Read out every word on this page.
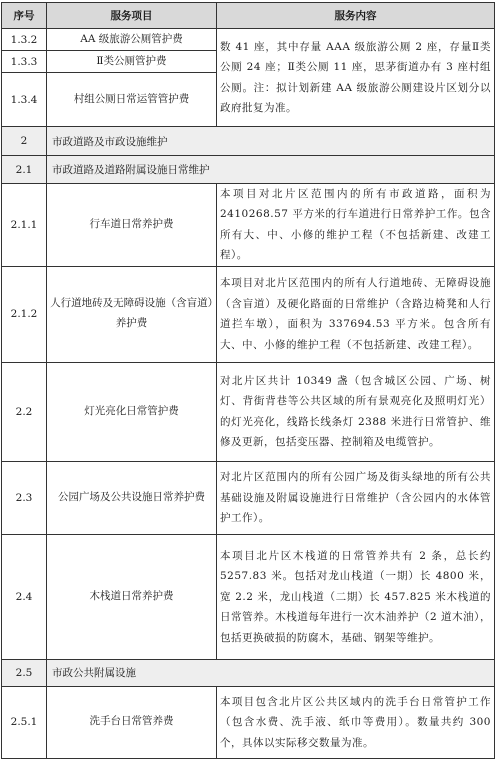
序号	服务项目	服务内容
1.3.2	AA 级旅游公厕管护费	数 41 座，其中存量 AAA 级旅游公厕 2 座，存量Ⅱ类公厕 24 座；Ⅱ类公厕 11 座，思茅街道办有 3 座村组公厕。注：拟计划新建 AA 级旅游公厕建设片区划分以政府批复为准。
1.3.3	Ⅱ类公厕管护费	
1.3.4	村组公厕日常运管管护费	
2	市政道路及市政设施维护	
2.1	市政道路及道路附属设施日常维护	
2.1.1	行车道日常养护费	本项目对北片区范围内的所有市政道路，面积为 2410268.57 平方米的行车道进行日常养护工作。包含所有大、中、小修的维护工程（不包括新建、改建工程）。
2.1.2	人行道地砖及无障碍设施（含盲道）养护费	本项目对北片区范围内的所有人行道地砖、无障碍设施（含盲道）及硬化路面的日常维护（含路边椅凳和人行道拦车墩），面积为 337694.53 平方米。包含所有大、中、小修的维护工程（不包括新建、改建工程）。
2.2	灯光亮化日常管护费	对北片区共计 10349 盏（包含城区公园、广场、树灯、背街背巷等公共区域的所有景观亮化及照明灯光）的灯光亮化，线路长线条灯 2388 米进行日常管护、维修及更新，包括变压器、控制箱及电缆管护。
2.3	公园广场及公共设施日常养护费	对北片区范围内的所有公园广场及街头绿地的所有公共基础设施及附属设施进行日常维护（含公园内的水体管护工作）。
2.4	木栈道日常养护费	本项目北片区木栈道的日常管养共有 2 条，总长约 5257.83 米。包括对龙山栈道（一期）长 4800 米，宽 2.2 米，龙山栈道（二期）长 457.825 米木栈道的日常管养。木栈道每年进行一次木油养护（2 道木油），包括更换破损的防腐木，基础、钢架等维护。
2.5	市政公共附属设施	
2.5.1	洗手台日常管养费	本项目包含北片区公共区域内的洗手台日常管护工作（包含水费、洗手液、纸巾等费用）。数量共约 300 个，具体以实际移交数量为准。
